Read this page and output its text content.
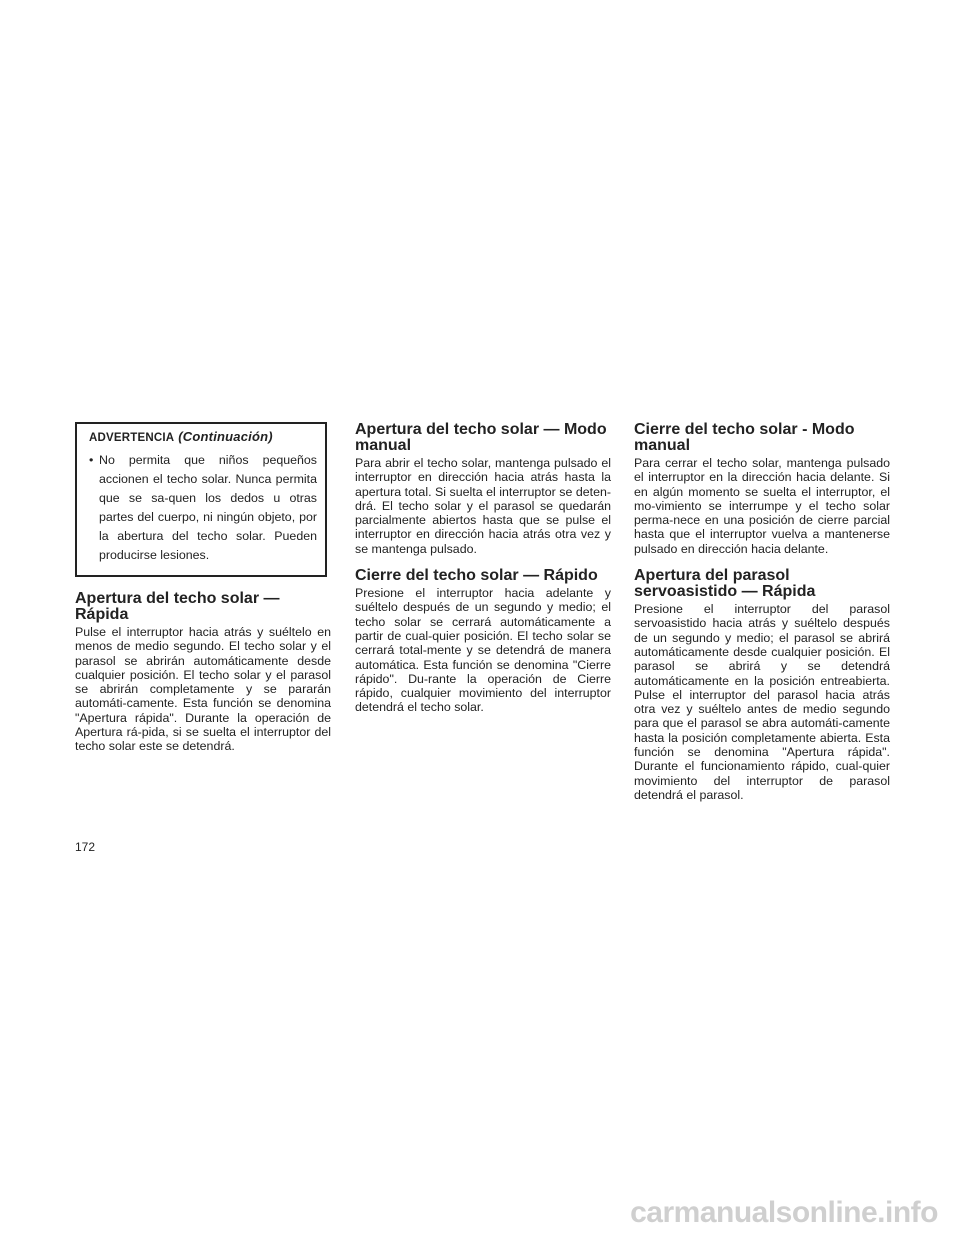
ADVERTENCIA (Continuación)
• No permita que niños pequeños accionen el techo solar. Nunca permita que se sa-quen los dedos u otras partes del cuerpo, ni ningún objeto, por la abertura del techo solar. Pueden producirse lesiones.
Apertura del techo solar — Rápida

Pulse el interruptor hacia atrás y suéltelo en menos de medio segundo. El techo solar y el parasol se abrirán automáticamente desde cualquier posición. El techo solar y el parasol se abrirán completamente y se pararán automáti-camente. Esta función se denomina "Apertura rápida". Durante la operación de Apertura rá-pida, si se suelta el interruptor del techo solar este se detendrá.

Apertura del techo solar — Modo manual

Para abrir el techo solar, mantenga pulsado el interruptor en dirección hacia atrás hasta la apertura total. Si suelta el interruptor se deten-drá. El techo solar y el parasol se quedarán parcialmente abiertos hasta que se pulse el interruptor en dirección hacia atrás otra vez y se mantenga pulsado.

Cierre del techo solar — Rápido

Presione el interruptor hacia adelante y suéltelo después de un segundo y medio; el techo solar se cerrará automáticamente a partir de cual-quier posición. El techo solar se cerrará total-mente y se detendrá de manera automática. Esta función se denomina "Cierre rápido". Du-rante la operación de Cierre rápido, cualquier movimiento del interruptor detendrá el techo solar.

Cierre del techo solar - Modo manual

Para cerrar el techo solar, mantenga pulsado el interruptor en la dirección hacia delante. Si en algún momento se suelta el interruptor, el mo-vimiento se interrumpe y el techo solar perma-nece en una posición de cierre parcial hasta que el interruptor vuelva a mantenerse pulsado en dirección hacia delante.

Apertura del parasol servoasistido — Rápida

Presione el interruptor del parasol servoasistido hacia atrás y suéltelo después de un segundo y medio; el parasol se abrirá automáticamente desde cualquier posición. El parasol se abrirá y se detendrá automáticamente en la posición entreabierta. Pulse el interruptor del parasol hacia atrás otra vez y suéltelo antes de medio segundo para que el parasol se abra automáti-camente hasta la posición completamente abierta. Esta función se denomina "Apertura rápida". Durante el funcionamiento rápido, cual-quier movimiento del interruptor de parasol detendrá el parasol.

172
carmanualsonline.info
